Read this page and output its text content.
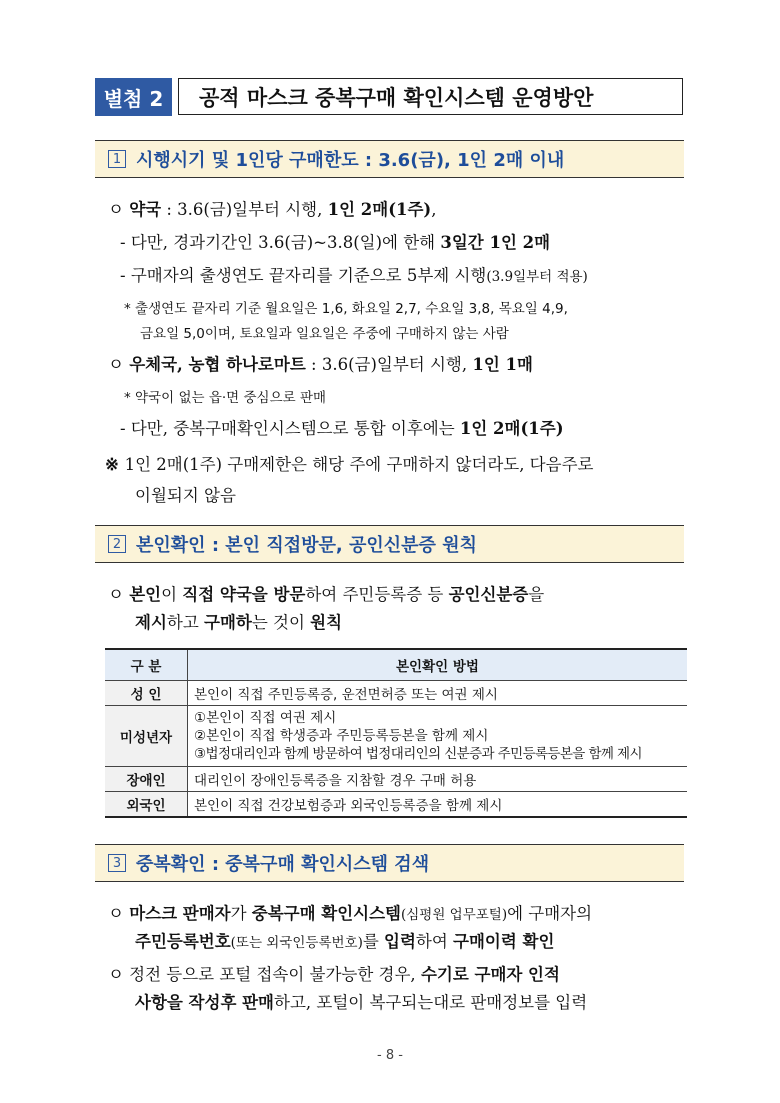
별첨 2	공적 마스크 중복구매 확인시스템 운영방안
1 시행시기 및 1인당 구매한도 : 3.6(금), 1인 2매 이내
ㅇ 약국 : 3.6(금)일부터 시행, 1인 2매(1주),
- 다만, 경과기간인 3.6(금)~3.8(일)에 한해 3일간 1인 2매
- 구매자의 출생연도 끝자리를 기준으로 5부제 시행(3.9일부터 적용)
* 출생연도 끝자리 기준 월요일은 1,6, 화요일 2,7, 수요일 3,8, 목요일 4,9,
금요일 5,0이며, 토요일과 일요일은 주중에 구매하지 않는 사람
ㅇ 우체국, 농협 하나로마트 : 3.6(금)일부터 시행, 1인 1매
* 약국이 없는 읍·면 중심으로 판매
- 다만, 중복구매확인시스템으로 통합 이후에는 1인 2매(1주)
※ 1인 2매(1주) 구매제한은 해당 주에 구매하지 않더라도, 다음주로
이월되지 않음
2 본인확인 : 본인 직접방문, 공인신분증 원칙
ㅇ 본인이 직접 약국을 방문하여 주민등록증 등 공인신분증을
제시하고 구매하는 것이 원칙
구 분	본인확인 방법
성 인	본인이 직접 주민등록증, 운전면허증 또는 여권 제시
미성년자	①본인이 직접 여권 제시
②본인이 직접 학생증과 주민등록등본을 함께 제시
③법정대리인과 함께 방문하여 법정대리인의 신분증과 주민등록등본을 함께 제시

장애인	대리인이 장애인등록증을 지참할 경우 구매 허용
외국인	본인이 직접 건강보험증과 외국인등록증을 함께 제시
3 중복확인 : 중복구매 확인시스템 검색
ㅇ 마스크 판매자가 중복구매 확인시스템(심평원 업무포털)에 구매자의
주민등록번호(또는 외국인등록번호)를 입력하여 구매이력 확인
ㅇ 정전 등으로 포털 접속이 불가능한 경우, 수기로 구매자 인적
사항을 작성후 판매하고, 포털이 복구되는대로 판매정보를 입력
- 8 -
